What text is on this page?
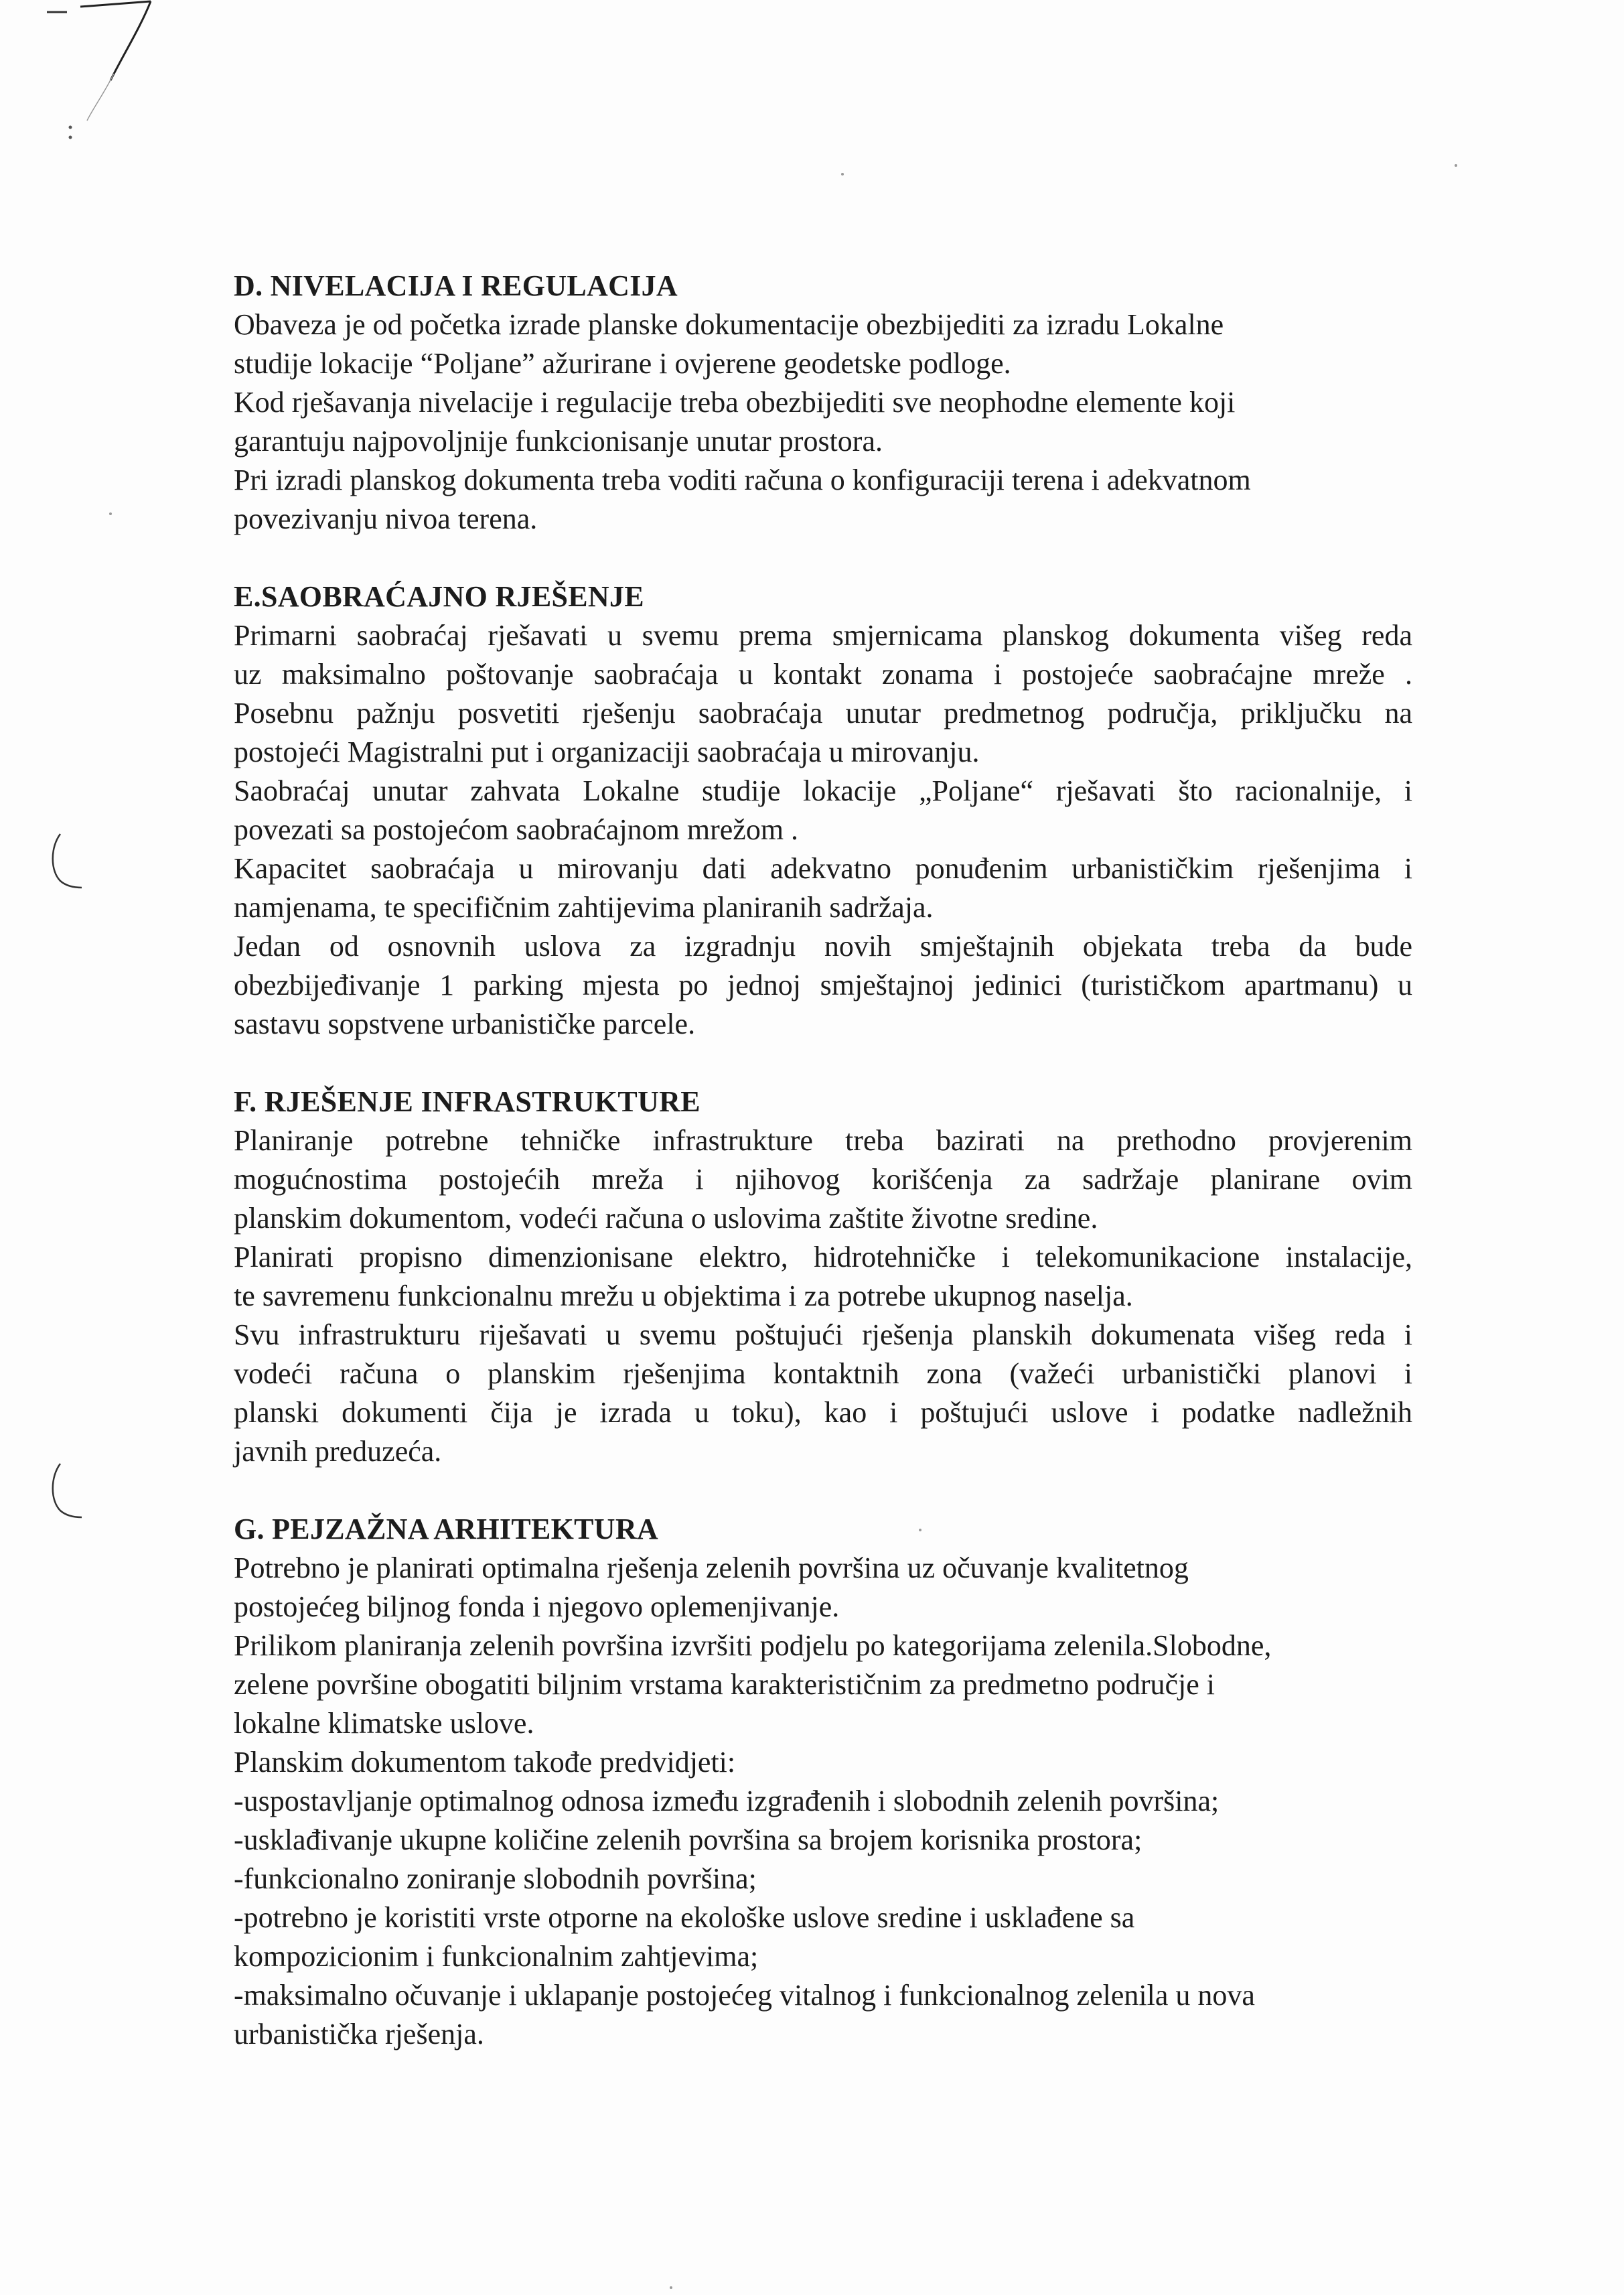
D. NIVELACIJA I REGULACIJA

Obaveza je od početka izrade planske dokumentacije obezbijediti za izradu Lokalne

studije lokacije “Poljane” ažurirane i ovjerene geodetske podloge.

Kod rješavanja nivelacije i regulacije treba obezbijediti sve neophodne elemente koji

garantuju najpovoljnije funkcionisanje unutar prostora.

Pri izradi planskog dokumenta treba voditi računa o konfiguraciji terena i adekvatnom

povezivanju nivoa terena.

E.SAOBRAĆAJNO RJEŠENJE

Primarni saobraćaj rješavati u svemu prema smjernicama planskog dokumenta višeg reda

uz maksimalno poštovanje saobraćaja u kontakt zonama i postojeće saobraćajne mreže .

Posebnu pažnju posvetiti rješenju saobraćaja unutar predmetnog područja, priključku na

postojeći Magistralni put i organizaciji saobraćaja u mirovanju.

Saobraćaj unutar zahvata Lokalne studije lokacije „Poljane“ rješavati što racionalnije, i

povezati sa postojećom saobraćajnom mrežom .

Kapacitet saobraćaja u mirovanju dati adekvatno ponuđenim urbanističkim rješenjima i

namjenama, te specifičnim zahtijevima planiranih sadržaja.

Jedan od osnovnih uslova za izgradnju novih smještajnih objekata treba da bude

obezbijeđivanje 1 parking mjesta po jednoj smještajnoj jedinici (turističkom apartmanu) u

sastavu sopstvene urbanističke parcele.

F. RJEŠENJE INFRASTRUKTURE

Planiranje potrebne tehničke infrastrukture treba bazirati na prethodno provjerenim

mogućnostima postojećih mreža i njihovog korišćenja za sadržaje planirane ovim

planskim dokumentom, vodeći računa o uslovima zaštite životne sredine.

Planirati propisno dimenzionisane elektro, hidrotehničke i telekomunikacione instalacije,

te savremenu funkcionalnu mrežu u objektima i za potrebe ukupnog naselja.

Svu infrastrukturu riješavati u svemu poštujući rješenja planskih dokumenata višeg reda i

vodeći računa o planskim rješenjima kontaktnih zona (važeći urbanistički planovi i

planski dokumenti čija je izrada u toku), kao i poštujući uslove i podatke nadležnih

javnih preduzeća.

G. PEJZAŽNA ARHITEKTURA

Potrebno je planirati optimalna rješenja zelenih površina uz očuvanje kvalitetnog

postojećeg biljnog fonda i njegovo oplemenjivanje.

Prilikom planiranja zelenih površina izvršiti podjelu po kategorijama zelenila.Slobodne,

zelene površine obogatiti biljnim vrstama karakterističnim za predmetno područje i

lokalne klimatske uslove.

Planskim dokumentom takođe predvidjeti:

-uspostavljanje optimalnog odnosa između izgrađenih i slobodnih zelenih površina;

-usklađivanje ukupne količine zelenih površina sa brojem korisnika prostora;

-funkcionalno zoniranje slobodnih površina;

-potrebno je koristiti vrste otporne na ekološke uslove sredine i usklađene sa

kompozicionim i funkcionalnim zahtjevima;

-maksimalno očuvanje i uklapanje postojećeg vitalnog i funkcionalnog zelenila u nova

urbanistička rješenja.
